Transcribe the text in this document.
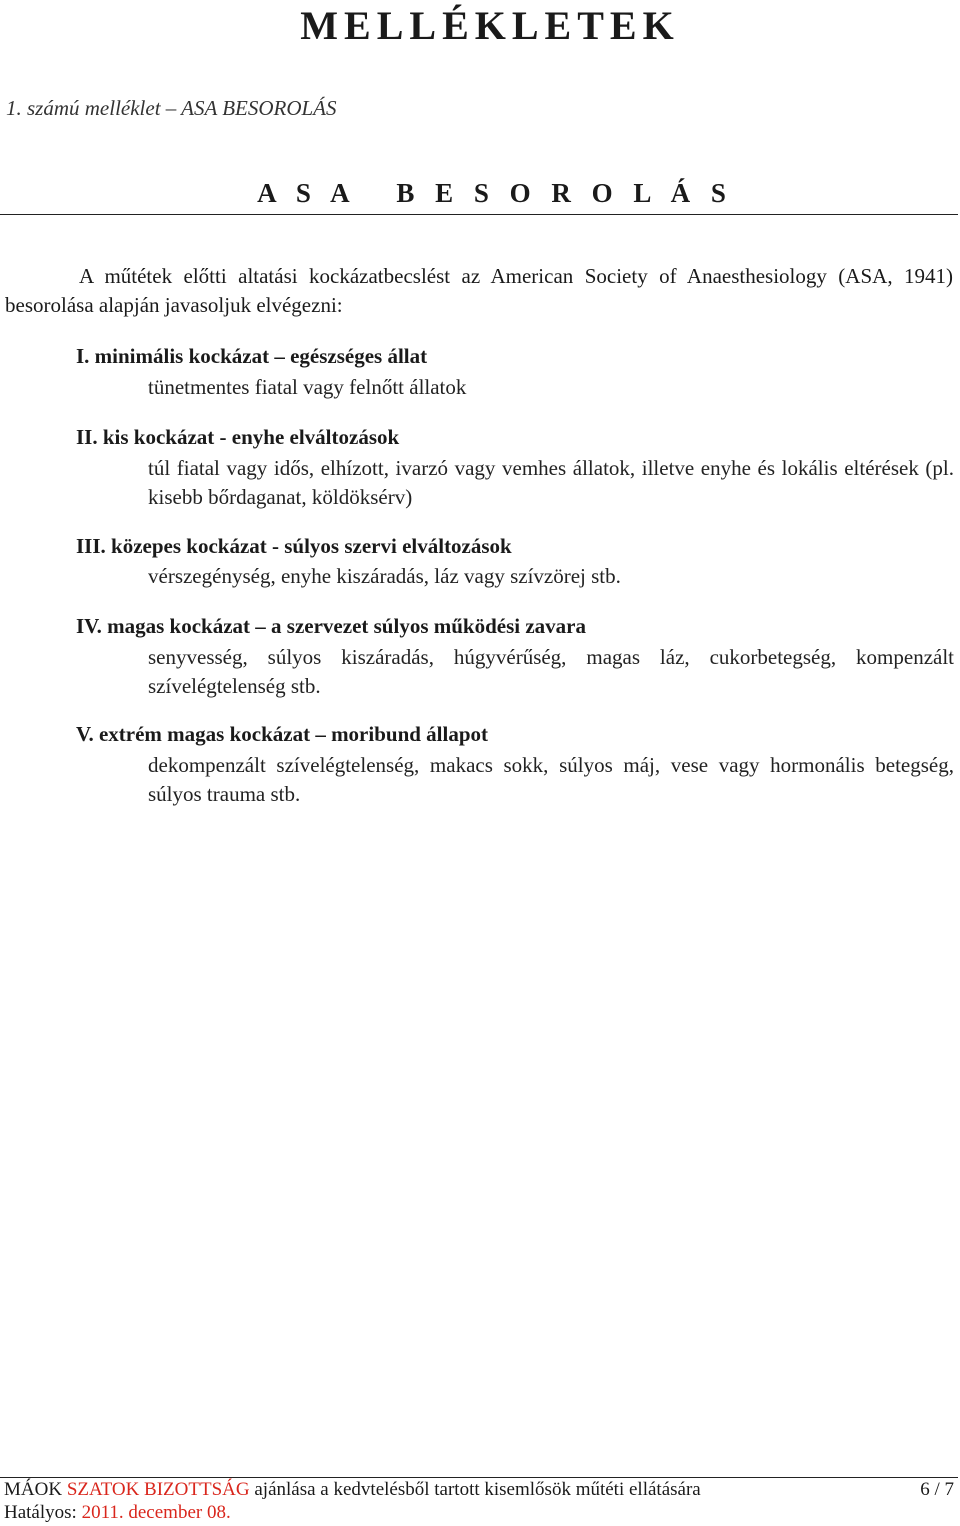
MELLÉKLETEK
1. számú melléklet – ASA BESOROLÁS
A S A   B E S O R O L Á S

A műtétek előtti altatási kockázatbecslést az American Society of Anaesthesiology (ASA, 1941) besorolása alapján javasoljuk elvégezni:

I. minimális kockázat – egészséges állat

tünetmentes fiatal vagy felnőtt állatok

II. kis kockázat - enyhe elváltozások

túl fiatal vagy idős, elhízott, ivarzó vagy vemhes állatok, illetve enyhe és lokális eltérések (pl. kisebb bőrdaganat, köldöksérv)

III. közepes kockázat - súlyos szervi elváltozások

vérszegénység, enyhe kiszáradás, láz vagy szívzörej stb.

IV. magas kockázat – a szervezet súlyos működési zavara

senyvesség, súlyos kiszáradás, húgyvérűség, magas láz, cukorbetegség, kompenzált szívelégtelenség stb.

V. extrém magas kockázat – moribund állapot

dekompenzált szívelégtelenség, makacs sokk, súlyos máj, vese vagy hormonális betegség, súlyos trauma stb.

MÁOK SZATOK BIZOTTSÁG ajánlása a kedvtelésből tartott kisemlősök műtéti ellátására	6 / 7
Hatályos: 2011. december 08.
